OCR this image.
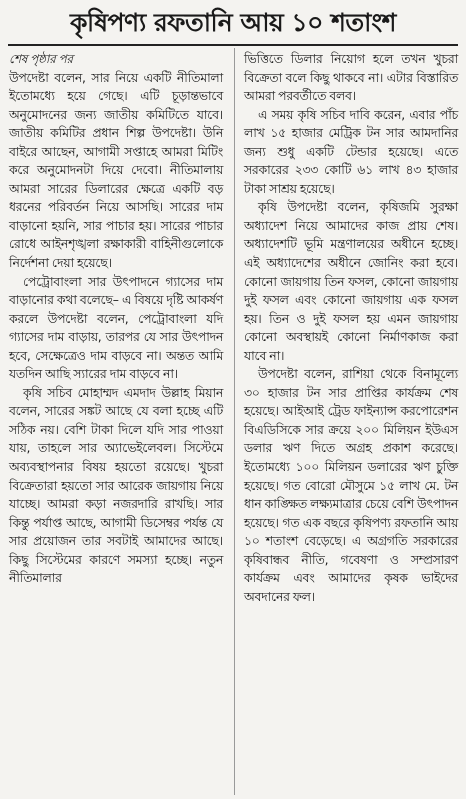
কৃষিপণ্য রফতানি আয় ১০ শতাংশ

শেষ পৃষ্ঠার পর

উপদেষ্টা বলেন, সার নিয়ে একটি নীতিমালা ইতোমধ্যে হয়ে গেছে। এটি চূড়ান্তভাবে অনুমোদনের জন্য জাতীয় কমিটিতে যাবে। জাতীয় কমিটির প্রধান শিল্প উপদেষ্টা। উনি বাইরে আছেন, আগামী সপ্তাহে আমরা মিটিং করে অনুমোদনটা দিয়ে দেবো। নীতিমালায় আমরা সারের ডিলারের ক্ষেত্রে একটি বড় ধরনের পরিবর্তন নিয়ে আসছি। সারের দাম বাড়ানো হয়নি, সার পাচার হয়। সারের পাচার রোধে আইনশৃঙ্খলা রক্ষাকারী বাহিনীগুলোকে নির্দেশনা দেয়া হয়েছে।

পেট্রোবাংলা সার উৎপাদনে গ্যাসের দাম বাড়ানোর কথা বলেছে– এ বিষয়ে দৃষ্টি আকর্ষণ করলে উপদেষ্টা বলেন, পেট্রোবাংলা যদি গ্যাসের দাম বাড়ায়, তারপর যে সার উৎপাদন হবে, সেক্ষেত্রেও দাম বাড়বে না। অন্তত আমি যতদিন আছি স্যারের দাম বাড়বে না।

কৃষি সচিব মোহাম্মদ এমদাদ উল্লাহ মিয়ান বলেন, সারের সঙ্কট আছে যে বলা হচ্ছে এটি সঠিক নয়। বেশি টাকা দিলে যদি সার পাওয়া যায়, তাহলে সার অ্যাভেইলেবল। সিস্টেমে অব্যবস্থাপনার বিষয় হয়তো রয়েছে। খুচরা বিক্রেতারা হয়তো সার আরেক জায়গায় নিয়ে যাচ্ছে। আমরা কড়া নজরদারি রাখছি। সার কিন্তু পর্যাপ্ত আছে, আগামী ডিসেম্বর পর্যন্ত যে সার প্রয়োজন তার সবটাই আমাদের আছে। কিছু সিস্টেমের কারণে সমস্যা হচ্ছে। নতুন নীতিমালার

ভিত্তিতে ডিলার নিয়োগ হলে তখন খুচরা বিক্রেতা বলে কিছু থাকবে না। এটার বিস্তারিত আমরা পরবর্তীতে বলব।

এ সময় কৃষি সচিব দাবি করেন, এবার পাঁচ লাখ ১৫ হাজার মেট্রিক টন সার আমদানির জন্য শুধু একটি টেন্ডার হয়েছে। এতে সরকারের ২৩৩ কোটি ৬১ লাখ ৪৩ হাজার টাকা সাশ্রয় হয়েছে।

কৃষি উপদেষ্টা বলেন, কৃষিজমি সুরক্ষা অধ্যাদেশ নিয়ে আমাদের কাজ প্রায় শেষ। অধ্যাদেশটি ভূমি মন্ত্রণালয়ের অধীনে হচ্ছে। এই অধ্যাদেশের অধীনে জোনিং করা হবে। কোনো জায়গায় তিন ফসল, কোনো জায়গায় দুই ফসল এবং কোনো জায়গায় এক ফসল হয়। তিন ও দুই ফসল হয় এমন জায়গায় কোনো অবস্থায়ই কোনো নির্মাণকাজ করা যাবে না।

উপদেষ্টা বলেন, রাশিয়া থেকে বিনামূল্যে ৩০ হাজার টন সার প্রাপ্তির কার্যক্রম শেষ হয়েছে। আইআই ট্রেড ফাইন্যান্স করপোরেশন বিএডিসিকে সার ক্রয়ে ২০০ মিলিয়ন ইউএস ডলার ঋণ দিতে অগ্রহ প্রকাশ করেছে। ইতোমধ্যে ১০০ মিলিয়ন ডলারের ঋণ চুক্তি হয়েছে। গত বোরো মৌসুমে ১৫ লাখ মে. টন ধান কাঙ্ক্ষিত লক্ষ্যমাত্রার চেয়ে বেশি উৎপাদন হয়েছে। গত এক বছরে কৃষিপণ্য রফতানি আয় ১০ শতাংশ বেড়েছে। এ অগ্রগতি সরকারের কৃষিবান্ধব নীতি, গবেষণা ও সম্প্রসারণ কার্যক্রম এবং আমাদের কৃষক ভাইদের অবদানের ফল।
